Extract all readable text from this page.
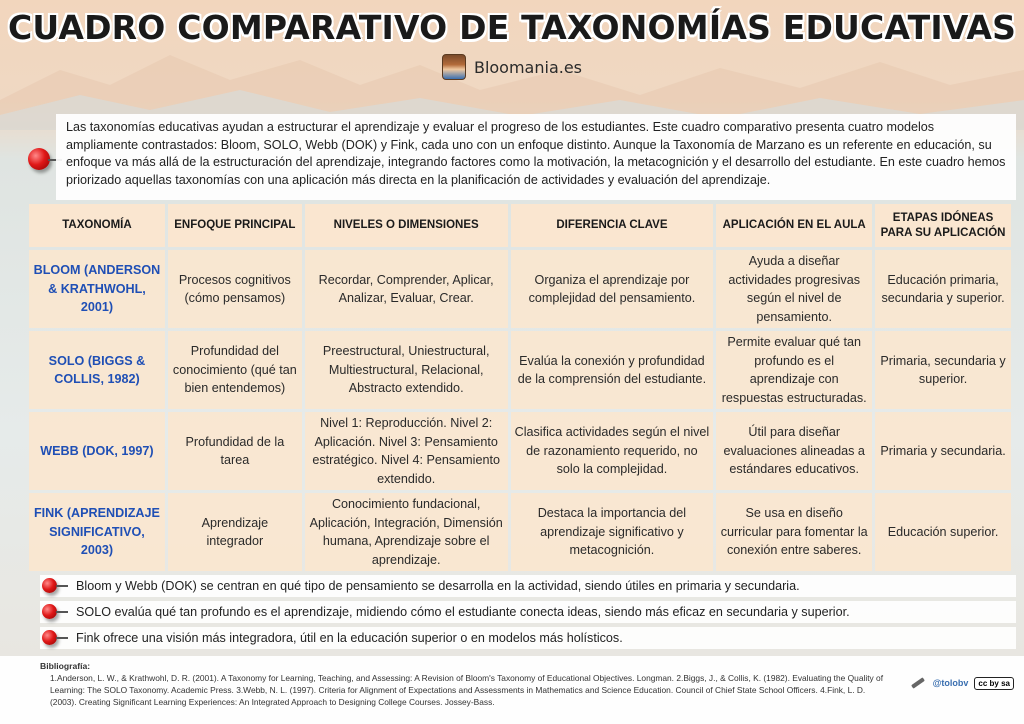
CUADRO COMPARATIVO DE TAXONOMÍAS EDUCATIVAS
Bloomania.es

Las taxonomías educativas ayudan a estructurar el aprendizaje y evaluar el progreso de los estudiantes. Este cuadro comparativo presenta cuatro modelos ampliamente contrastados: Bloom, SOLO, Webb (DOK) y Fink, cada uno con un enfoque distinto. Aunque la Taxonomía de Marzano es un referente en educación, su enfoque va más allá de la estructuración del aprendizaje, integrando factores como la motivación, la metacognición y el desarrollo del estudiante. En este cuadro hemos priorizado aquellas taxonomías con una aplicación más directa en la planificación de actividades y evaluación del aprendizaje.

TAXONOMÍA	ENFOQUE PRINCIPAL	NIVELES O DIMENSIONES	DIFERENCIA CLAVE	APLICACIÓN EN EL AULA	ETAPAS IDÓNEAS PARA SU APLICACIÓN
BLOOM (ANDERSON & KRATHWOHL, 2001)	Procesos cognitivos (cómo pensamos)	Recordar, Comprender, Aplicar, Analizar, Evaluar, Crear.	Organiza el aprendizaje por complejidad del pensamiento.	Ayuda a diseñar actividades progresivas según el nivel de pensamiento.	Educación primaria, secundaria y superior.
SOLO (BIGGS & COLLIS, 1982)	Profundidad del conocimiento (qué tan bien entendemos)	Preestructural, Uniestructural, Multiestructural, Relacional, Abstracto extendido.	Evalúa la conexión y profundidad de la comprensión del estudiante.	Permite evaluar qué tan profundo es el aprendizaje con respuestas estructuradas.	Primaria, secundaria y superior.
WEBB (DOK, 1997)	Profundidad de la tarea	Nivel 1: Reproducción. Nivel 2: Aplicación. Nivel 3: Pensamiento estratégico. Nivel 4: Pensamiento extendido.	Clasifica actividades según el nivel de razonamiento requerido, no solo la complejidad.	Útil para diseñar evaluaciones alineadas a estándares educativos.	Primaria y secundaria.
FINK (APRENDIZAJE SIGNIFICATIVO, 2003)	Aprendizaje integrador	Conocimiento fundacional, Aplicación, Integración, Dimensión humana, Aprendizaje sobre el aprendizaje.	Destaca la importancia del aprendizaje significativo y metacognición.	Se usa en diseño curricular para fomentar la conexión entre saberes.	Educación superior.
Bloom y Webb (DOK) se centran en qué tipo de pensamiento se desarrolla en la actividad, siendo útiles en primaria y secundaria.
SOLO evalúa qué tan profundo es el aprendizaje, midiendo cómo el estudiante conecta ideas, siendo más eficaz en secundaria y superior.
Fink ofrece una visión más integradora, útil en la educación superior o en modelos más holísticos.
Bibliografía:
1.Anderson, L. W., & Krathwohl, D. R. (2001). A Taxonomy for Learning, Teaching, and Assessing: A Revision of Bloom's Taxonomy of Educational Objectives. Longman. 2.Biggs, J., & Collis, K. (1982). Evaluating the Quality of Learning: The SOLO Taxonomy. Academic Press. 3.Webb, N. L. (1997). Criteria for Alignment of Expectations and Assessments in Mathematics and Science Education. Council of Chief State School Officers. 4.Fink, L. D. (2003). Creating Significant Learning Experiences: An Integrated Approach to Designing College Courses. Jossey-Bass.
@tolobv	cc by sa
